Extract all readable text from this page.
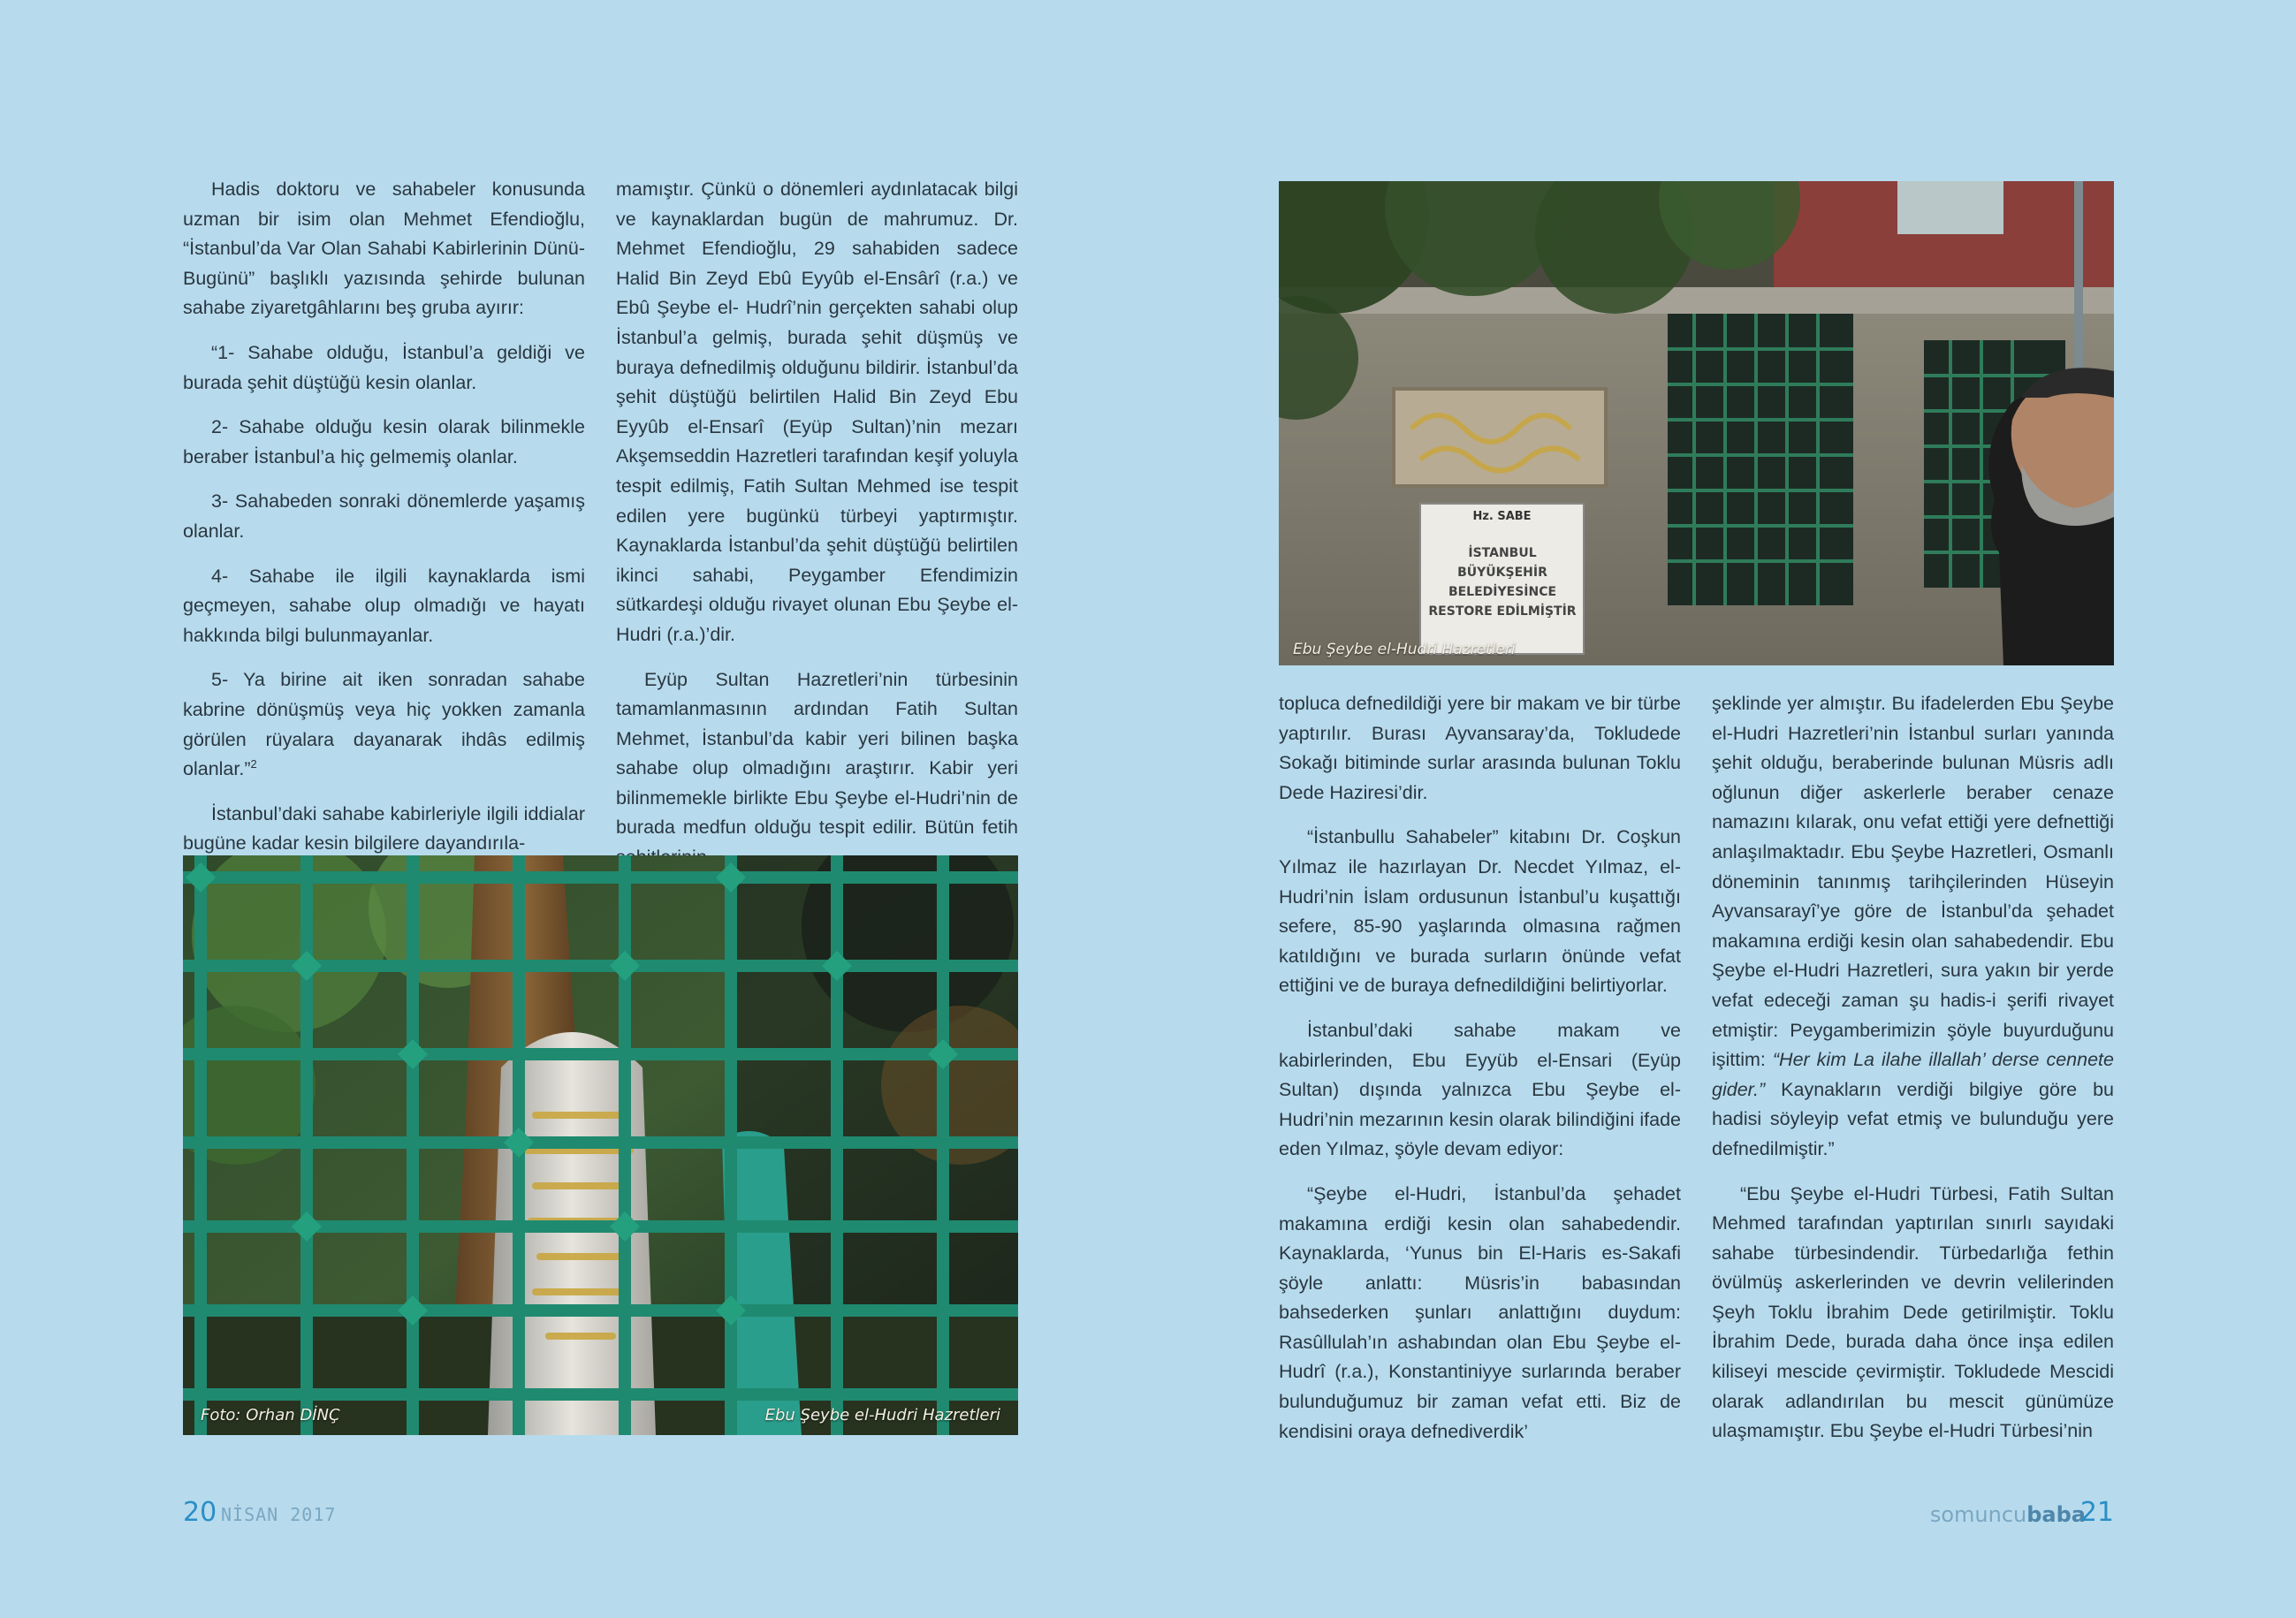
Hadis doktoru ve sahabeler konusunda uzman bir isim olan Mehmet Efendioğlu, “İstanbul’da Var Olan Sahabi Kabirlerinin Dünü-Bugünü” başlıklı yazısında şehirde bulunan sahabe ziyaretgâhlarını beş gruba ayırır:

“1- Sahabe olduğu, İstanbul’a geldiği ve burada şehit düştüğü kesin olanlar.

2- Sahabe olduğu kesin olarak bilinmekle beraber İstanbul’a hiç gelmemiş olanlar.

3- Sahabeden sonraki dönemlerde yaşamış olanlar.

4- Sahabe ile ilgili kaynaklarda ismi geçmeyen, sahabe olup olmadığı ve hayatı hakkında bilgi bulunmayanlar.

5- Ya birine ait iken sonradan sahabe kabrine dönüşmüş veya hiç yokken zamanla görülen rüyalara dayanarak ihdâs edilmiş olanlar.”$^2$

İstanbul’daki sahabe kabirleriyle ilgili iddialar bugüne kadar kesin bilgilere dayandırıla-

mamıştır. Çünkü o dönemleri aydınlatacak bilgi ve kaynaklardan bugün de mahrumuz. Dr. Mehmet Efendioğlu, 29 sahabiden sadece Halid Bin Zeyd Ebû Eyyûb el-Ensârî (r.a.) ve Ebû Şeybe el- Hudrî’nin gerçekten sahabi olup İstanbul’a gelmiş, burada şehit düşmüş ve buraya defnedilmiş olduğunu bildirir. İstanbul’da şehit düştüğü belirtilen Halid Bin Zeyd Ebu Eyyûb el-Ensarî (Eyüp Sultan)’nin mezarı Akşemseddin Hazretleri tarafından keşif yoluyla tespit edilmiş, Fatih Sultan Mehmed ise tespit edilen yere bugünkü türbeyi yaptırmıştır. Kaynaklarda İstanbul’da şehit düştüğü belirtilen ikinci sahabi, Peygamber Efendimizin sütkardeşi olduğu rivayet olunan Ebu Şeybe el-Hudri (r.a.)’dir.

Eyüp Sultan Hazretleri’nin türbesinin tamamlanmasının ardından Fatih Sultan Mehmet, İstanbul’da kabir yeri bilinen başka sahabe olup olmadığını araştırır. Kabir yeri bilinmemekle birlikte Ebu Şeybe el-Hudri’nin de burada medfun olduğu tespit edilir. Bütün fetih

Foto: Orhan DİNÇ	Ebu Şeybe el-Hudri Hazretleri
20 NİSAN 2017
Hz. SABE
İSTANBUL BÜYÜKŞEHİR BELEDİYESİNCE RESTORE EDİLMİŞTİR
Ebu Şeybe el-Hudri Hazretleri

topluca defnedildiği yere bir makam ve bir türbe yaptırılır. Burası Ayvansaray’da, Tokludede Sokağı bitiminde surlar arasında bulunan Toklu Dede Haziresi’dir.

“İstanbullu Sahabeler” kitabını Dr. Coşkun Yılmaz ile hazırlayan Dr. Necdet Yılmaz, el-Hudri’nin İslam ordusunun İstanbul’u kuşattığı sefere, 85-90 yaşlarında olmasına rağmen katıldığını ve burada surların önünde vefat ettiğini ve de buraya defnedildiğini belirtiyorlar.

İstanbul’daki sahabe makam ve kabirlerinden, Ebu Eyyüb el-Ensari (Eyüp Sultan) dışında yalnızca Ebu Şeybe el-Hudri’nin mezarının kesin olarak bilindiğini ifade eden Yılmaz, şöyle devam ediyor:

“Şeybe el-Hudri, İstanbul’da şehadet makamına erdiği kesin olan sahabedendir. Kaynaklarda, ‘Yunus bin El-Haris es-Sakafi şöyle anlattı: Müsris’in babasından bahsederken şunları anlattığını duydum: Rasûllulah’ın ashabından olan Ebu Şeybe el-Hudrî (r.a.), Konstantiniyye surlarında beraber bulunduğumuz bir zaman vefat etti. Biz de kendisini oraya defnediverdik’

şeklinde yer almıştır. Bu ifadelerden Ebu Şeybe el-Hudri Hazretleri’nin İstanbul surları yanında şehit olduğu, beraberinde bulunan Müsris adlı oğlunun diğer askerlerle beraber cenaze namazını kılarak, onu vefat ettiği yere defnettiği anlaşılmaktadır. Ebu Şeybe Hazretleri, Osmanlı döneminin tanınmış tarihçilerinden Hüseyin Ayvansarayî’ye göre de İstanbul’da şehadet makamına erdiği kesin olan sahabedendir. Ebu Şeybe el-Hudri Hazretleri, sura yakın bir yerde vefat edeceği zaman şu hadis-i şerifi rivayet etmiştir: Peygamberimizin şöyle buyurduğunu işittim: “Her kim La ilahe illallah’ derse cennete gider.” Kaynakların verdiği bilgiye göre bu hadisi söyleyip vefat etmiş ve bulunduğu yere defnedilmiştir.”

“Ebu Şeybe el-Hudri Türbesi, Fatih Sultan Mehmed tarafından yaptırılan sınırlı sayıdaki sahabe türbesindendir. Türbedarlığa fethin övülmüş askerlerinden ve devrin velilerinden Şeyh Toklu İbrahim Dede getirilmiştir. Toklu İbrahim Dede, burada daha önce inşa edilen kiliseyi mescide çevirmiştir. Tokludede Mescidi olarak adlandırılan bu mescit günümüze ulaşmamıştır. Ebu Şeybe el-Hudri Türbesi’nin

somuncubaba
21
